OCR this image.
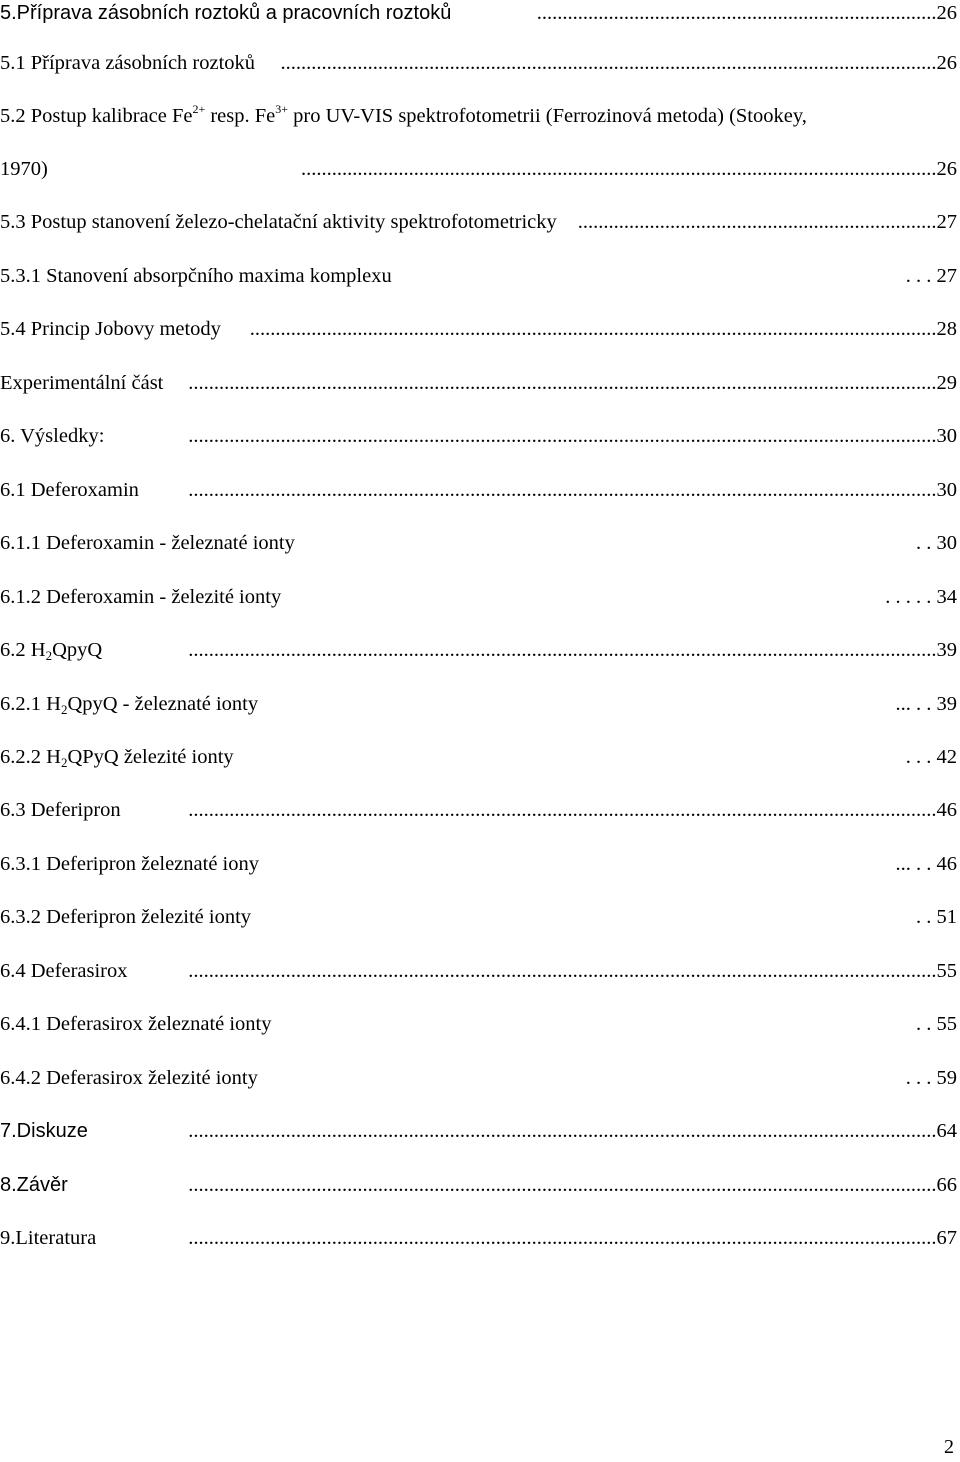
5.Příprava zásobních roztoků a pracovních roztoků	26..............................................................................
5.1 Příprava zásobních roztoků	26................................................................................................................................
5.2 Postup kalibrace $Fe^{2+}$ resp. $Fe^{3+}$ pro UV-VIS spektrofotometrii (Ferrozinová metoda) (Stookey,
1970)	26............................................................................................................................
5.3 Postup stanovení železo-chelatační aktivity spektrofotometricky	27......................................................................
5.3.1 Stanovení absorpčního maxima komplexu	27 . . .
5.4 Princip Jobovy metody	28......................................................................................................................................
Experimentální část	29..................................................................................................................................................
6. Výsledky:	30..................................................................................................................................................
6.1 Deferoxamin	30..................................................................................................................................................
6.1.1 Deferoxamin - železnaté ionty	30 . .
6.1.2 Deferoxamin - železité ionty	34 . . . . .
6.2 $H_2QpyQ$	39..................................................................................................................................................
6.2.1 $H_2QpyQ$ - železnaté ionty	39 . . ...
6.2.2 $H_2QPyQ$ železité ionty	42 . . .
6.3 Deferipron	46..................................................................................................................................................
6.3.1 Deferipron železnaté iony	46 . . ...
6.3.2 Deferipron železité ionty	51 . .
6.4 Deferasirox	55..................................................................................................................................................
6.4.1 Deferasirox železnaté ionty	55 . .
6.4.2 Deferasirox železité ionty	59 . . .
7.Diskuze	64..................................................................................................................................................
8.Závěr	66..................................................................................................................................................
9.Literatura	67..................................................................................................................................................
2
